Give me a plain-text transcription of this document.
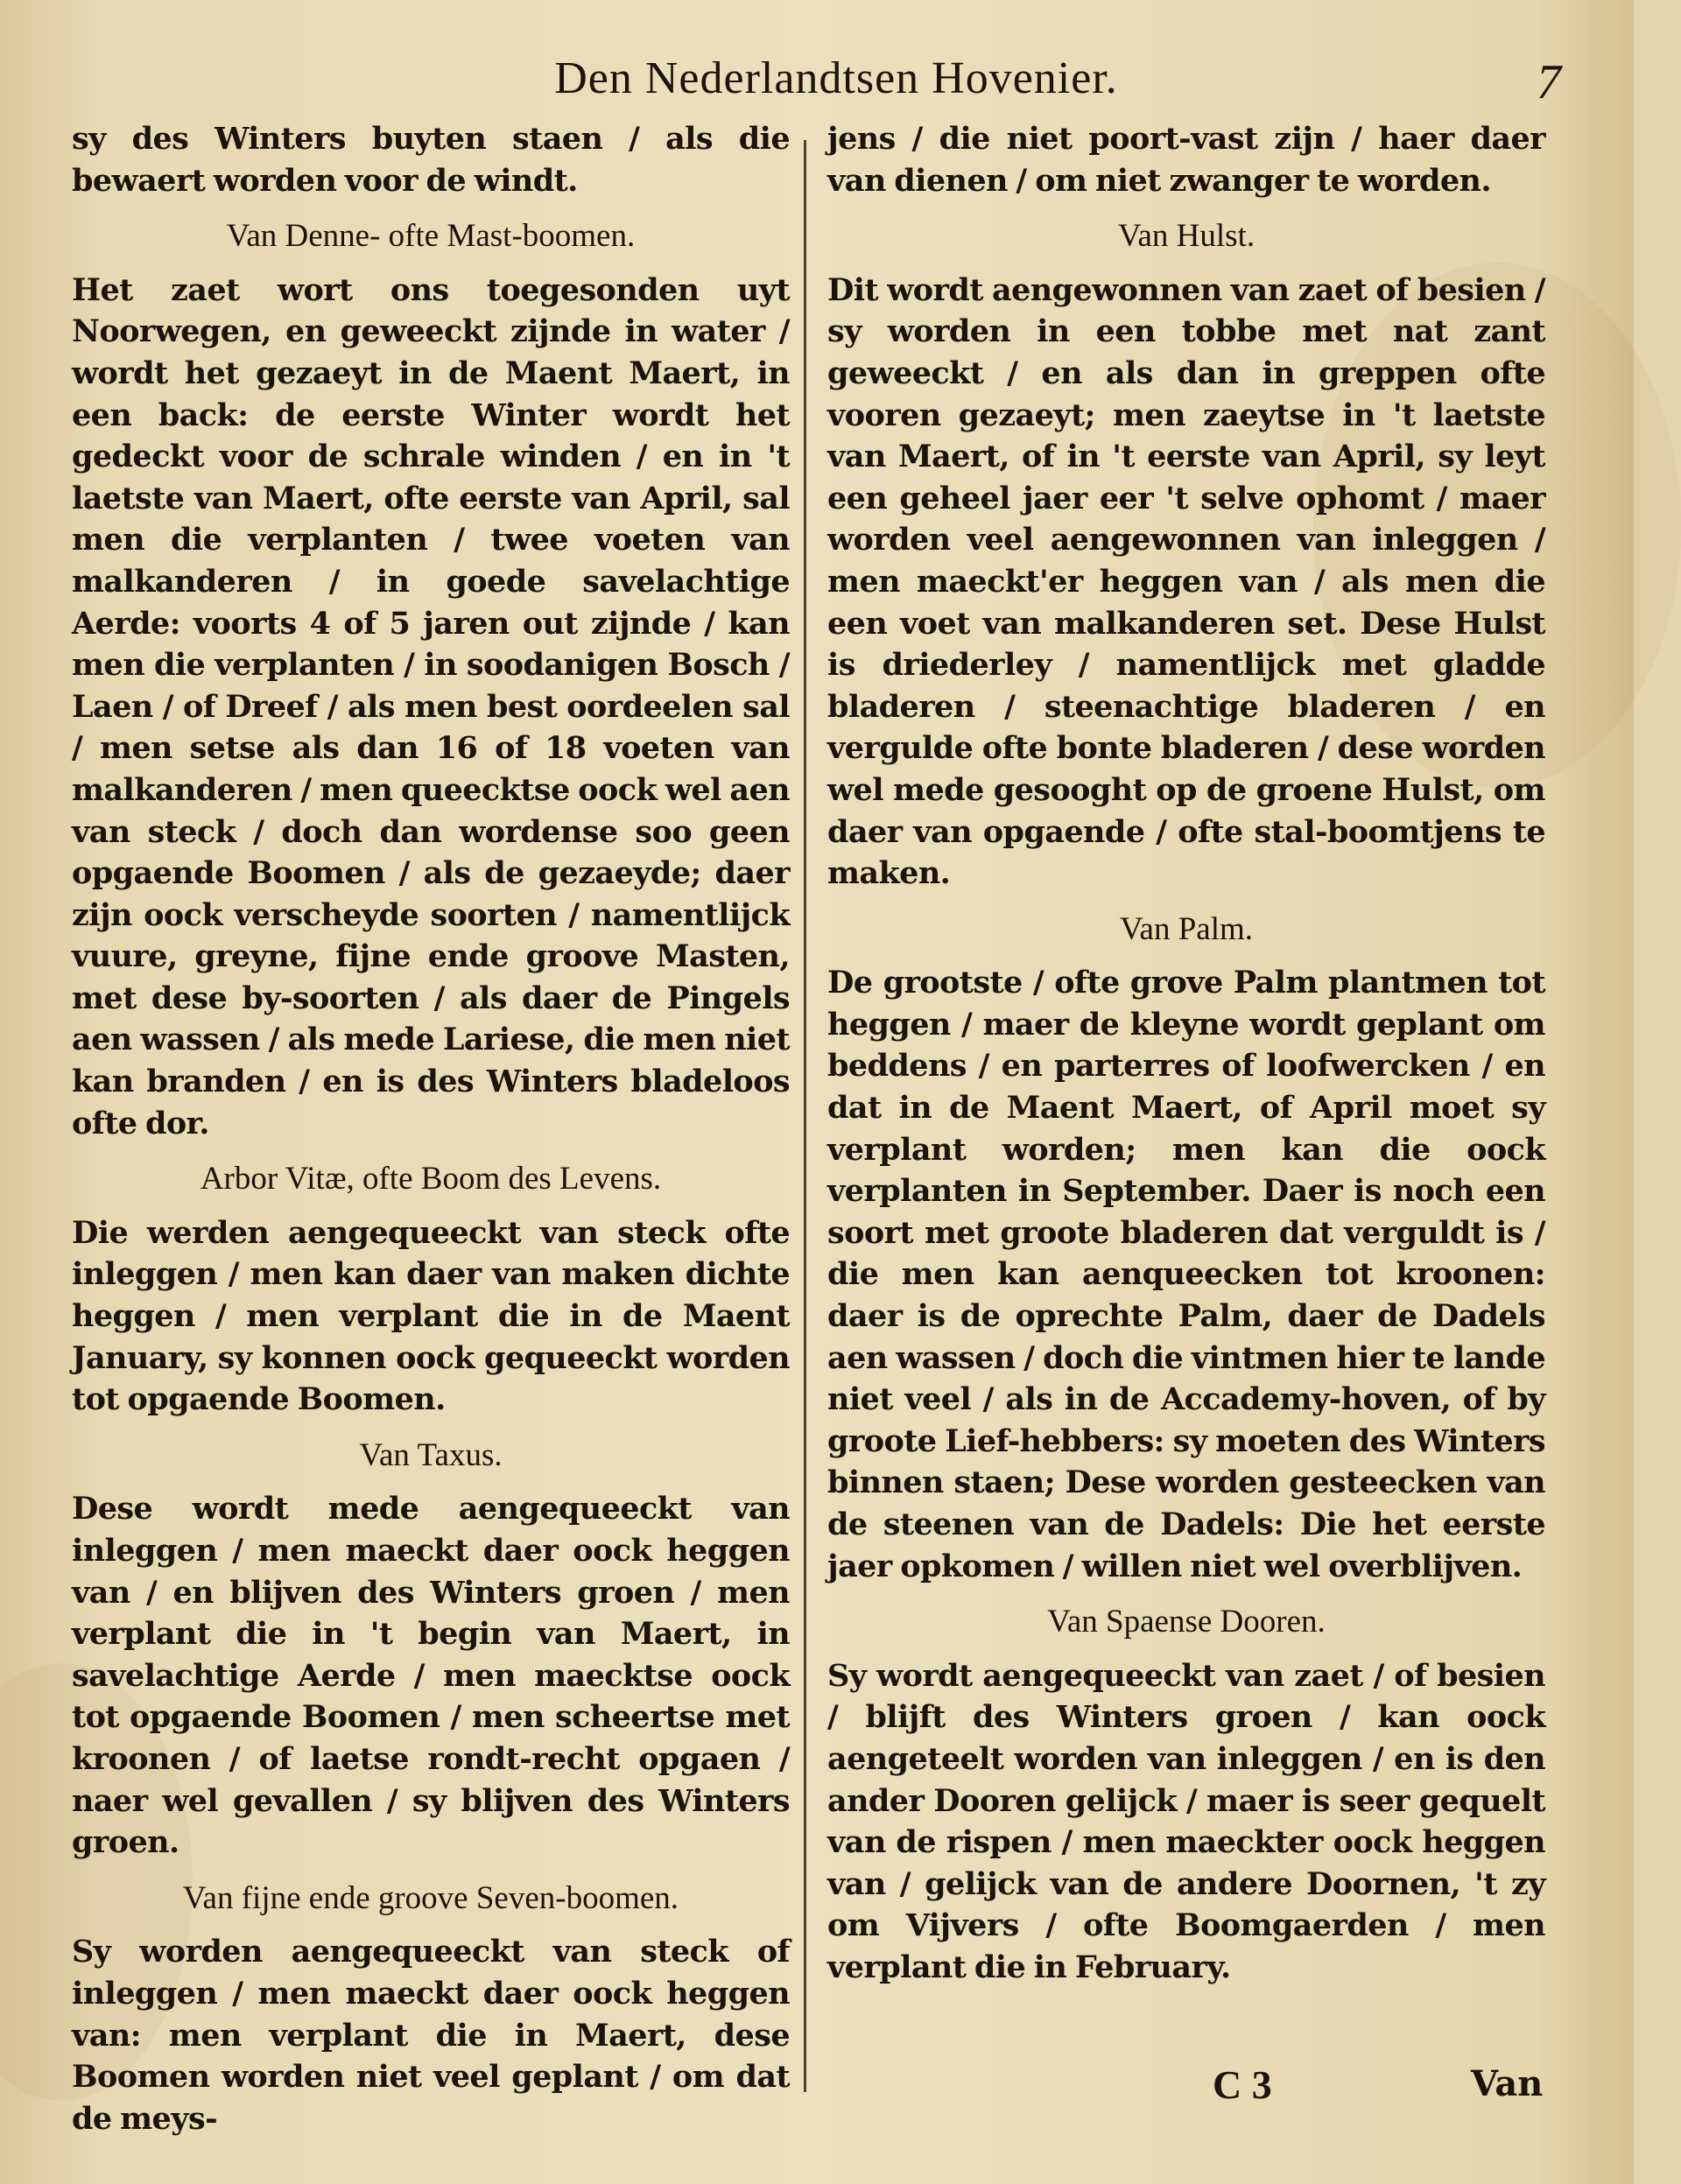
Den Nederlandtsen Hovenier.	7

sy des Winters buyten staen / als die bewaert worden voor de windt.

Van Denne- ofte Mast-boomen.

Het zaet wort ons toegesonden uyt Noorwegen, en geweeckt zijnde in water / wordt het gezaeyt in de Maent Maert, in een back: de eerste Winter wordt het gedeckt voor de schrale winden / en in 't laetste van Maert, ofte eerste van April, sal men die verplanten / twee voeten van malkanderen / in goede savelachtige Aerde: voorts 4 of 5 jaren out zijnde / kan men die verplanten / in soodanigen Bosch / Laen / of Dreef / als men best oordeelen sal / men setse als dan 16 of 18 voeten van malkanderen / men queecktse oock wel aen van steck / doch dan wordense soo geen opgaende Boomen / als de gezaeyde; daer zijn oock verscheyde soorten / namentlijck vuure, greyne, fijne ende groove Masten, met dese by-soorten / als daer de Pingels aen wassen / als mede Lariese, die men niet kan branden / en is des Winters bladeloos ofte dor.

Arbor Vitæ, ofte Boom des Levens.

Die werden aengequeeckt van steck ofte inleggen / men kan daer van maken dichte heggen / men verplant die in de Maent January, sy konnen oock gequeeckt worden tot opgaende Boomen.

Van Taxus.

Dese wordt mede aengequeeckt van inleggen / men maeckt daer oock heggen van / en blijven des Winters groen / men verplant die in 't begin van Maert, in savelachtige Aerde / men maecktse oock tot opgaende Boomen / men scheertse met kroonen / of laetse rondt-recht opgaen / naer wel gevallen / sy blijven des Winters groen.

Van fijne ende groove Seven-boomen.

Sy worden aengequeeckt van steck of inleggen / men maeckt daer oock heggen van: men verplant die in Maert, dese Boomen worden niet veel geplant / om dat de meys-

jens / die niet poort-vast zijn / haer daer van dienen / om niet zwanger te worden.

Van Hulst.

Dit wordt aengewonnen van zaet of besien / sy worden in een tobbe met nat zant geweeckt / en als dan in greppen ofte vooren gezaeyt; men zaeytse in 't laetste van Maert, of in 't eerste van April, sy leyt een geheel jaer eer 't selve ophomt / maer worden veel aengewonnen van inleggen / men maeckt'er heggen van / als men die een voet van malkanderen set. Dese Hulst is driederley / namentlijck met gladde bladeren / steenachtige bladeren / en vergulde ofte bonte bladeren / dese worden wel mede gesooght op de groene Hulst, om daer van opgaende / ofte stal-boomtjens te maken.

Van Palm.

De grootste / ofte grove Palm plantmen tot heggen / maer de kleyne wordt geplant om beddens / en parterres of loofwercken / en dat in de Maent Maert, of April moet sy verplant worden; men kan die oock verplanten in September. Daer is noch een soort met groote bladeren dat verguldt is / die men kan aenqueecken tot kroonen: daer is de oprechte Palm, daer de Dadels aen wassen / doch die vintmen hier te lande niet veel / als in de Accademy-hoven, of by groote Lief-hebbers: sy moeten des Winters binnen staen; Dese worden gesteecken van de steenen van de Dadels: Die het eerste jaer opkomen / willen niet wel overblijven.

Van Spaense Dooren.

Sy wordt aengequeeckt van zaet / of besien / blijft des Winters groen / kan oock aengeteelt worden van inleggen / en is den ander Dooren gelijck / maer is seer gequelt van de rispen / men maeckter oock heggen van / gelijck van de andere Doornen, 't zy om Vijvers / ofte Boomgaerden / men verplant die in February.

C 3	Van
